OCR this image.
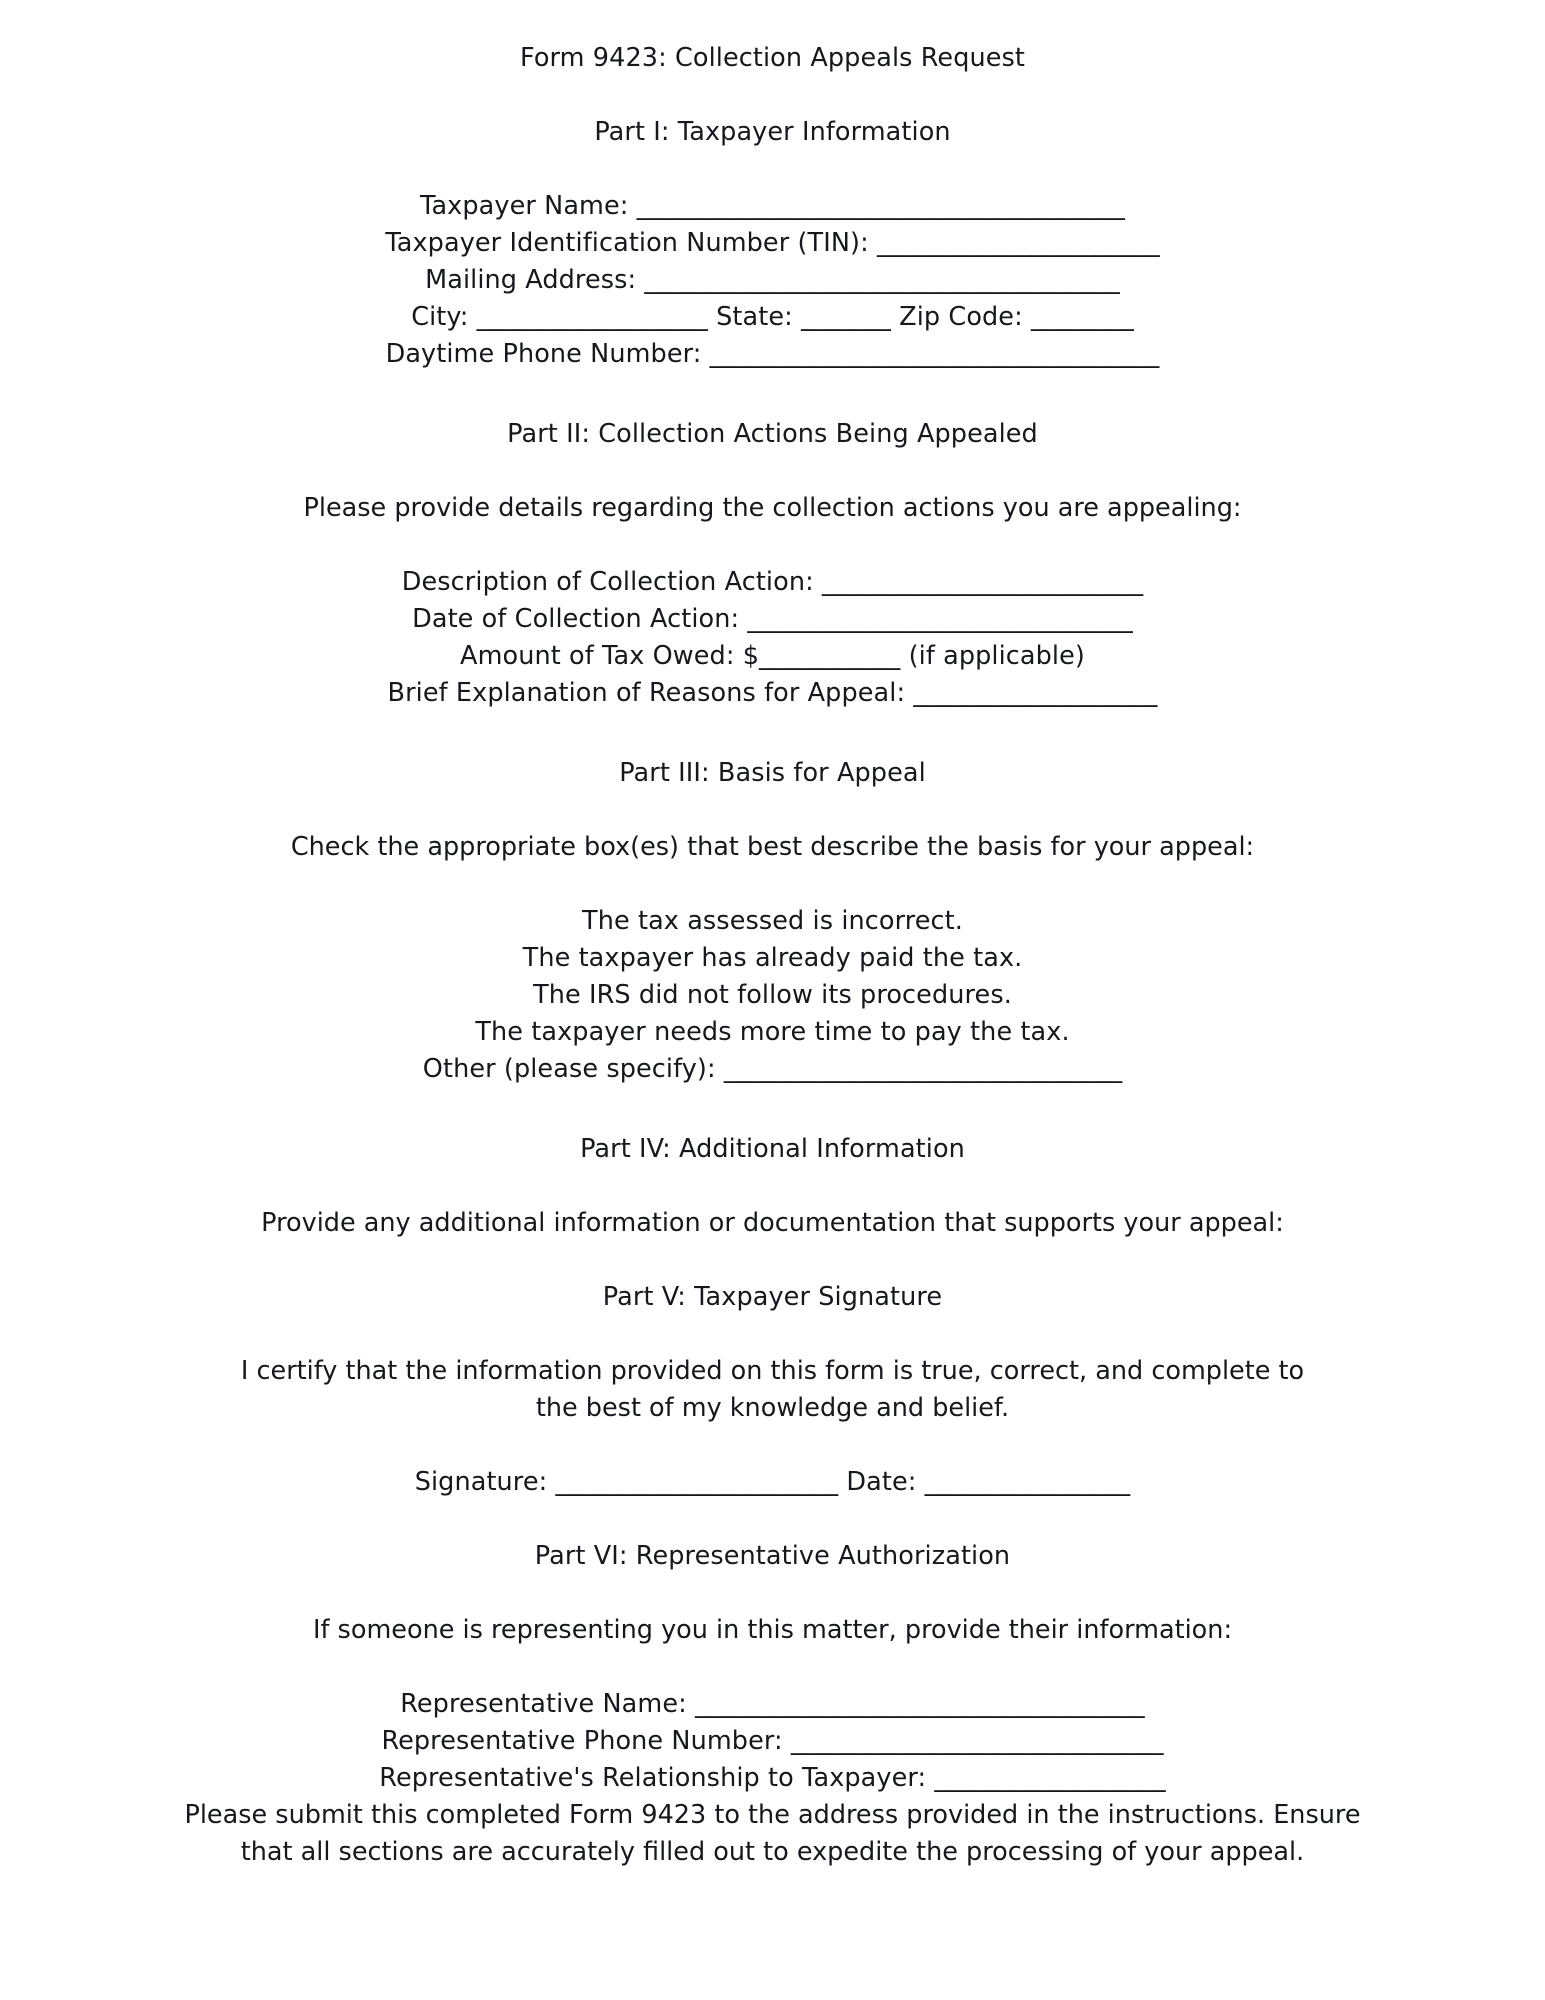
Form 9423: Collection Appeals Request
Part I: Taxpayer Information
Taxpayer Name: ______________________________________
Taxpayer Identification Number (TIN): ______________________
Mailing Address: _____________________________________
City: __________________ State: _______ Zip Code: ________
Daytime Phone Number: ___________________________________
Part II: Collection Actions Being Appealed
Please provide details regarding the collection actions you are appealing:
Description of Collection Action: _________________________
Date of Collection Action: ______________________________
Amount of Tax Owed: $___________ (if applicable)
Brief Explanation of Reasons for Appeal: ___________________
Part III: Basis for Appeal
Check the appropriate box(es) that best describe the basis for your appeal:
The tax assessed is incorrect.
The taxpayer has already paid the tax.
The IRS did not follow its procedures.
The taxpayer needs more time to pay the tax.
Other (please specify): _______________________________
Part IV: Additional Information
Provide any additional information or documentation that supports your appeal:
Part V: Taxpayer Signature
I certify that the information provided on this form is true, correct, and complete to the best of my knowledge and belief.
Signature: ______________________ Date: ________________
Part VI: Representative Authorization
If someone is representing you in this matter, provide their information:
Representative Name: ___________________________________
Representative Phone Number: _____________________________
Representative's Relationship to Taxpayer: __________________
Please submit this completed Form 9423 to the address provided in the instructions. Ensure that all sections are accurately filled out to expedite the processing of your appeal.
